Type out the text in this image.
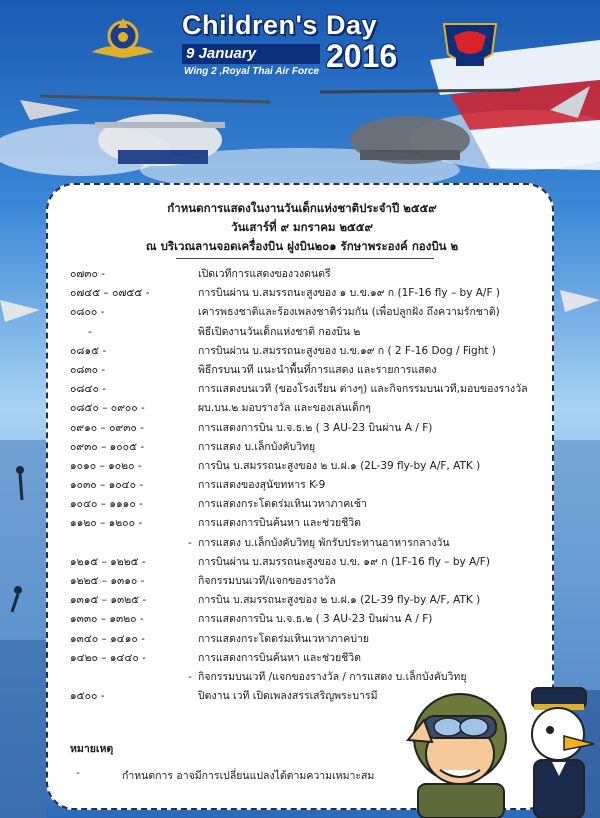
Children's Day
9 January	2016
Wing 2 ,Royal Thai Air Force
กำหนดการแสดงในงานวันเด็กแห่งชาติประจำปี ๒๕๕๙
วันเสาร์ที่ ๙ มกราคม ๒๕๕๙
ณ บริเวณลานจอดเครื่องบิน ฝูงบิน๒๐๑ รักษาพระองค์ กองบิน ๒
๐๗๓๐ -	เปิดเวทีการแสดงของวงดนตรี
๐๗๔๕ – ๐๗๕๕ -	การบินผ่าน บ.สมรรถนะสูงของ ๑ บ.ข.๑๙ ก (1F-16 fly – by A/F )
๐๘๐๐ -	เคารพธงชาติและร้องเพลงชาติร่วมกัน (เพื่อปลูกฝัง ถึงความรักชาติ)
-	พิธีเปิดงานวันเด็กแห่งชาติ กองบิน ๒
๐๘๑๕ -	การบินผ่าน บ.สมรรถนะสูงของ บ.ข.๑๙ ก ( 2 F-16 Dog / Fight )
๐๘๓๐ -	พิธีกรบนเวที แนะนำพื้นที่การแสดง และรายการแสดง
๐๘๔๐ -	การแสดงบนเวที (ของโรงเรียน ต่างๆ) และกิจกรรมบนเวที,มอบของรางวัล
๐๘๕๐ – ๐๙๐๐ -	ผบ.บน.๒ มอบรางวัล และของเล่นเด็กๆ
๐๙๑๐ – ๐๙๓๐ -	การแสดงการบิน บ.จ.ธ.๒ ( 3 AU-23 บินผ่าน A / F)
๐๙๓๐ – ๑๐๐๕ -	การแสดง บ.เล็กบังคับวิทยุ
๑๐๑๐ – ๑๐๒๐ -	การบิน บ.สมรรถนะสูงของ ๒ บ.ฝ.๑ (2L-39 fly-by A/F, ATK )
๑๐๓๐ – ๑๐๔๐ -	การแสดงของสุนัขทหาร K-9
๑๐๔๐ – ๑๑๑๐ -	การแสดงกระโดดร่มเหินเวหาภาคเช้า
๑๑๒๐ – ๑๒๐๐ -	การแสดงการบินค้นหา และช่วยชีวิต
- การแสดง บ.เล็กบังคับวิทยุ พักรับประทานอาหารกลางวัน
๑๒๑๕ – ๑๒๒๕ -	การบินผ่าน บ.สมรรถนะสูงของ บ.ข. ๑๙ ก (1F-16 fly – by A/F)
๑๒๒๕ – ๑๓๑๐ -	กิจกรรมบนเวที/แจกของรางวัล
๑๓๑๕ – ๑๓๒๕ -	การบิน บ.สมรรถนะสูงของ ๒ บ.ฝ.๑ (2L-39 fly-by A/F, ATK )
๑๓๓๐ – ๑๓๒๐ -	การแสดงการบิน บ.จ.ธ.๒ ( 3 AU-23 บินผ่าน A / F)
๑๓๔๐ – ๑๔๑๐ -	การแสดงกระโดดร่มเหินเวหาภาคบ่าย
๑๔๒๐ – ๑๔๔๐ -	การแสดงการบินค้นหา และช่วยชีวิต
- กิจกรรมบนเวที /แจกของรางวัล / การแสดง บ.เล็กบังคับวิทยุ
๑๕๐๐ -	ปิดงาน เวที เปิดเพลงสรรเสริญพระบารมี
หมายเหตุ
-	กำหนดการ อาจมีการเปลี่ยนแปลงได้ตามความเหมาะสม
